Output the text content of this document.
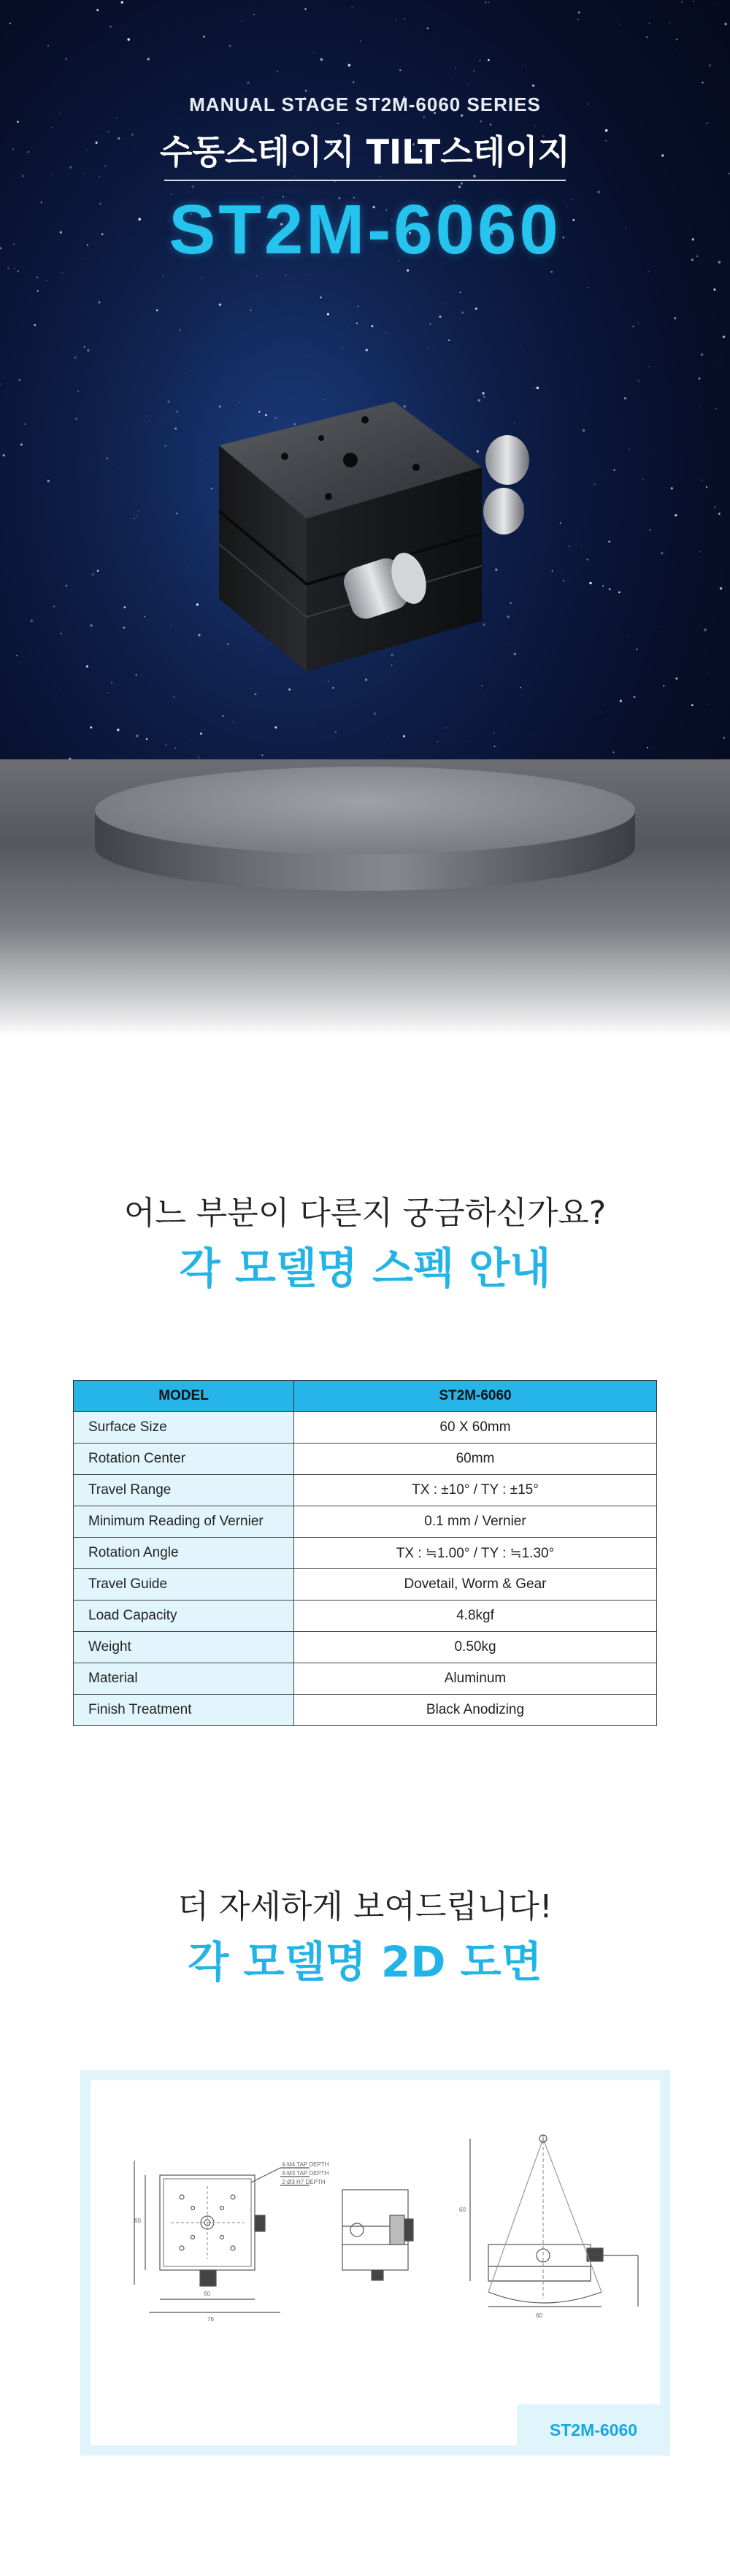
MANUAL STAGE ST2M-6060 SERIES
수동스테이지 TILT스테이지
ST2M-6060
어느 부분이 다른지 궁금하신가요?
각 모델명 스펙 안내
MODEL	ST2M-6060
Surface Size	60 X 60mm
Rotation Center	60mm
Travel Range	TX : ±10° / TY : ±15°
Minimum Reading of Vernier	0.1 mm / Vernier
Rotation Angle	TX : ≒1.00° / TY : ≒1.30°
Travel Guide	Dovetail, Worm & Gear
Load Capacity	4.8kgf
Weight	0.50kg
Material	Aluminum
Finish Treatment	Black Anodizing
더 자세하게 보여드립니다!
각 모델명 2D 도면
60
60
76
4-M4 TAP DEPTH
4-M3 TAP DEPTH
2-Ø3 H7 DEPTH
60
60
ST2M-6060
